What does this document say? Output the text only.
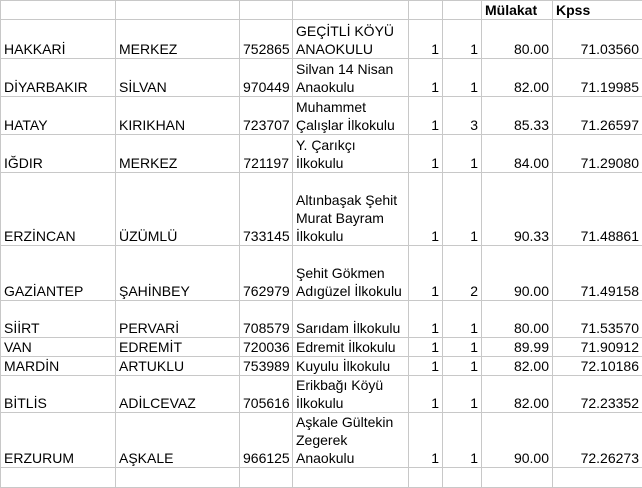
						Mülakat	Kpss
HAKKARİ	MERKEZ	752865	GEÇİTLİ KÖYÜ ANAOKULU	1	1	80.00	71.03560
DİYARBAKIR	SİLVAN	970449	Silvan 14 Nisan Anaokulu	1	1	82.00	71.19985
HATAY	KIRIKHAN	723707	Muhammet Çalışlar İlkokulu	1	3	85.33	71.26597
IĞDIR	MERKEZ	721197	Y. Çarıkçı İlkokulu	1	1	84.00	71.29080
ERZİNCAN	ÜZÜMLÜ	733145	Altınbaşak Şehit Murat Bayram İlkokulu	1	1	90.33	71.48861
GAZİANTEP	ŞAHİNBEY	762979	Şehit Gökmen Adıgüzel İlkokulu	1	2	90.00	71.49158
SİİRT	PERVARİ	708579	Sarıdam İlkokulu	1	1	80.00	71.53570
VAN	EDREMİT	720036	Edremit İlkokulu	1	1	89.99	71.90912
MARDİN	ARTUKLU	753989	Kuyulu İlkokulu	1	1	82.00	72.10186
BİTLİS	ADİLCEVAZ	705616	Erikbağı Köyü İlkokulu	1	1	82.00	72.23352
ERZURUM	AŞKALE	966125	Aşkale Gültekin Zegerek Anaokulu	1	1	90.00	72.26273
